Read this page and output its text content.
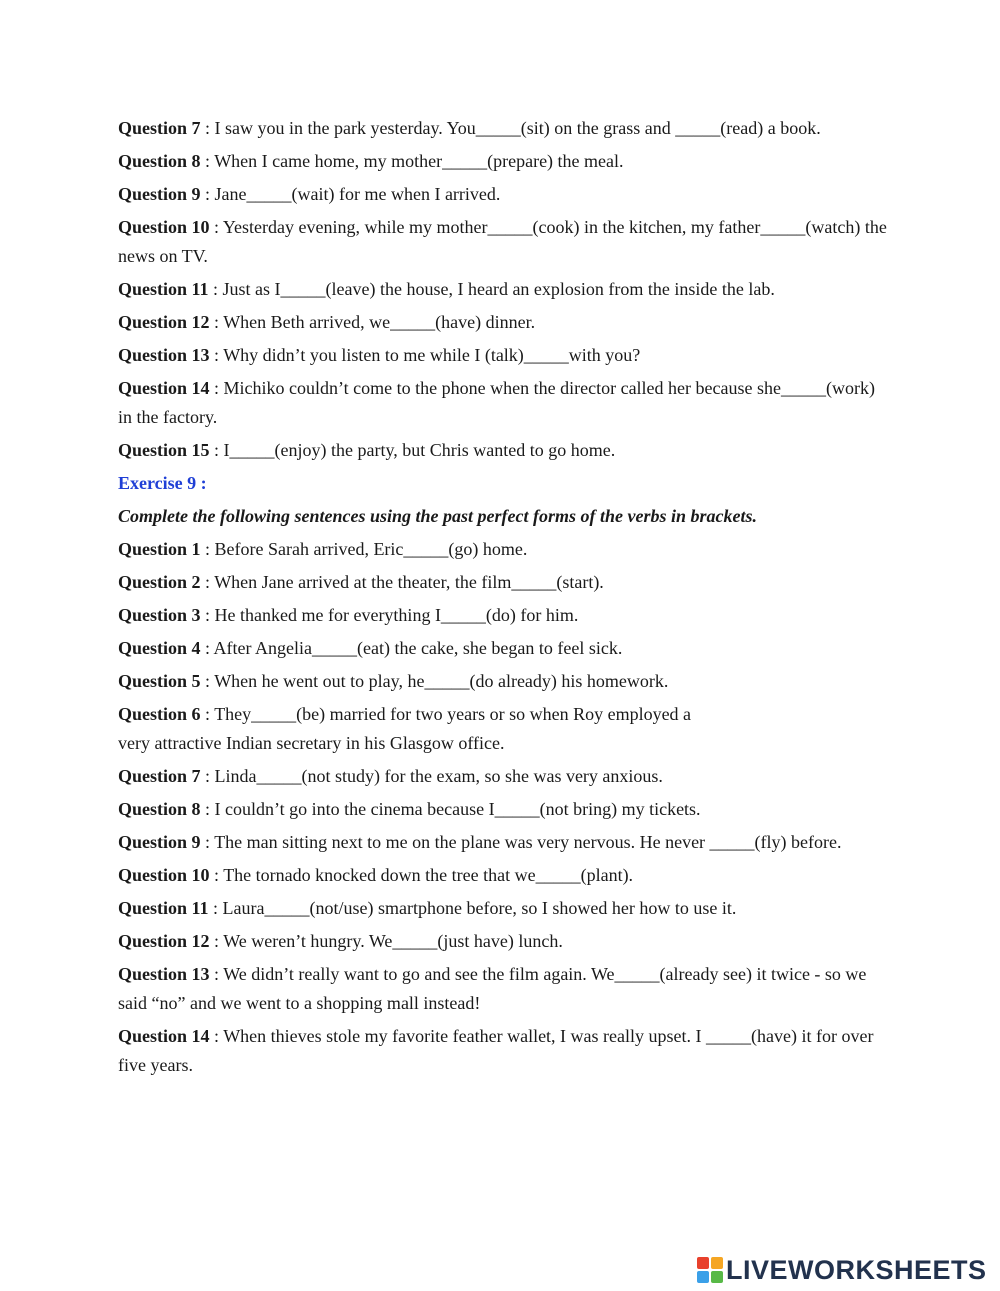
Question 7 : I saw you in the park yesterday. You_____(sit) on the grass and _____(read) a book.
Question 8 : When I came home, my mother_____(prepare) the meal.
Question 9 : Jane_____(wait) for me when I arrived.
Question 10 : Yesterday evening, while my mother_____(cook) in the kitchen, my father_____(watch) the news on TV.
Question 11 : Just as I_____(leave) the house, I heard an explosion from the inside the lab.
Question 12 : When Beth arrived, we_____(have) dinner.
Question 13 : Why didn’t you listen to me while I (talk)_____with you?
Question 14 : Michiko couldn’t come to the phone when the director called her because she_____(work) in the factory.
Question 15 : I_____(enjoy) the party, but Chris wanted to go home.
Exercise 9 :
Complete the following sentences using the past perfect forms of the verbs in brackets.
Question 1 : Before Sarah arrived, Eric_____(go) home.
Question 2 : When Jane arrived at the theater, the film_____(start).
Question 3 : He thanked me for everything I_____(do) for him.
Question 4 : After Angelia_____(eat) the cake, she began to feel sick.
Question 5 : When he went out to play, he_____(do already) his homework.
Question 6 : They_____(be) married for two years or so when Roy employed a
very attractive Indian secretary in his Glasgow office.
Question 7 : Linda_____(not study) for the exam, so she was very anxious.
Question 8 : I couldn’t go into the cinema because I_____(not bring) my tickets.
Question 9 : The man sitting next to me on the plane was very nervous. He never _____(fly) before.
Question 10 : The tornado knocked down the tree that we_____(plant).
Question 11 : Laura_____(not/use) smartphone before, so I showed her how to use it.
Question 12 : We weren’t hungry. We_____(just have) lunch.
Question 13 : We didn’t really want to go and see the film again. We_____(already see) it twice - so we said “no” and we went to a shopping mall instead!
Question 14 : When thieves stole my favorite feather wallet, I was really upset. I _____(have) it for over five years.
LIVEWORKSHEETS
